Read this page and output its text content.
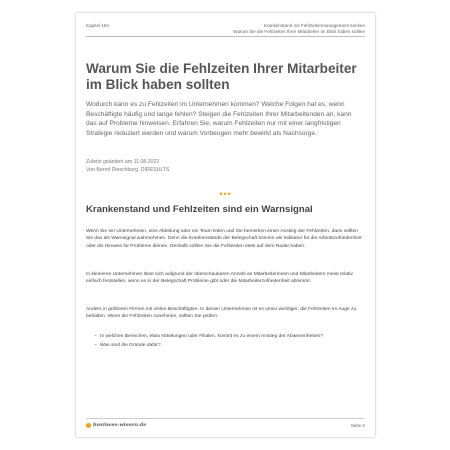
Kapitel 184	Krankenstand mit Fehlzeitenmanagement senken
Warum Sie die Fehlzeiten Ihrer Mitarbeiter im Blick haben sollten
Warum Sie die Fehlzeiten Ihrer Mitarbeiter im Blick haben sollten

Wodurch kann es zu Fehlzeiten im Unternehmen kommen? Welche Folgen hat es, wenn Beschäftigte häufig und lange fehlen? Steigen die Fehlzeiten Ihrer Mitarbeitenden an, kann das auf Probleme hinweisen. Erfahren Sie, warum Fehlzeiten nur mit einer langfristigen Strategie reduziert werden und warum Vorbeugen mehr bewirkt als Nachsorge.

Zuletzt geändert am 11.08.2022
Von Bernd Dieschburg, DIRESULTS
•••
Krankenstand und Fehlzeiten sind ein Warnsignal

Wenn Sie ein Unternehmen, eine Abteilung oder ein Team leiten und Sie bemerken einen Anstieg der Fehlzeiten, dann sollten Sie das als Warnsignal wahrnehmen. Denn die Krankenstände der Belegschaft können als Indikator für die Arbeitszufriedenheit oder als Hinweis für Probleme dienen. Deshalb sollten Sie die Fehlzeiten stets auf dem Radar haben.

In kleineren Unternehmen lässt sich aufgrund der überschaubaren Anzahl an Mitarbeiterinnen und Mitarbeitern meist relativ einfach feststellen, wenn es in der Belegschaft Probleme gibt oder die Mitarbeiterzufriedenheit abnimmt.

Anders in größeren Firmen mit vielen Beschäftigten. In diesen Unternehmen ist es umso wichtiger, die Fehlzeiten im Auge zu behalten. Wenn die Fehlzeiten zunehmen, sollten Sie prüfen:

– In welchen Bereichen, etwa Abteilungen oder Filialen, kommt es zu einem Anstieg der Abwesenheiten?
– Was sind die Gründe dafür?
business-wissen.de	Seite 2
